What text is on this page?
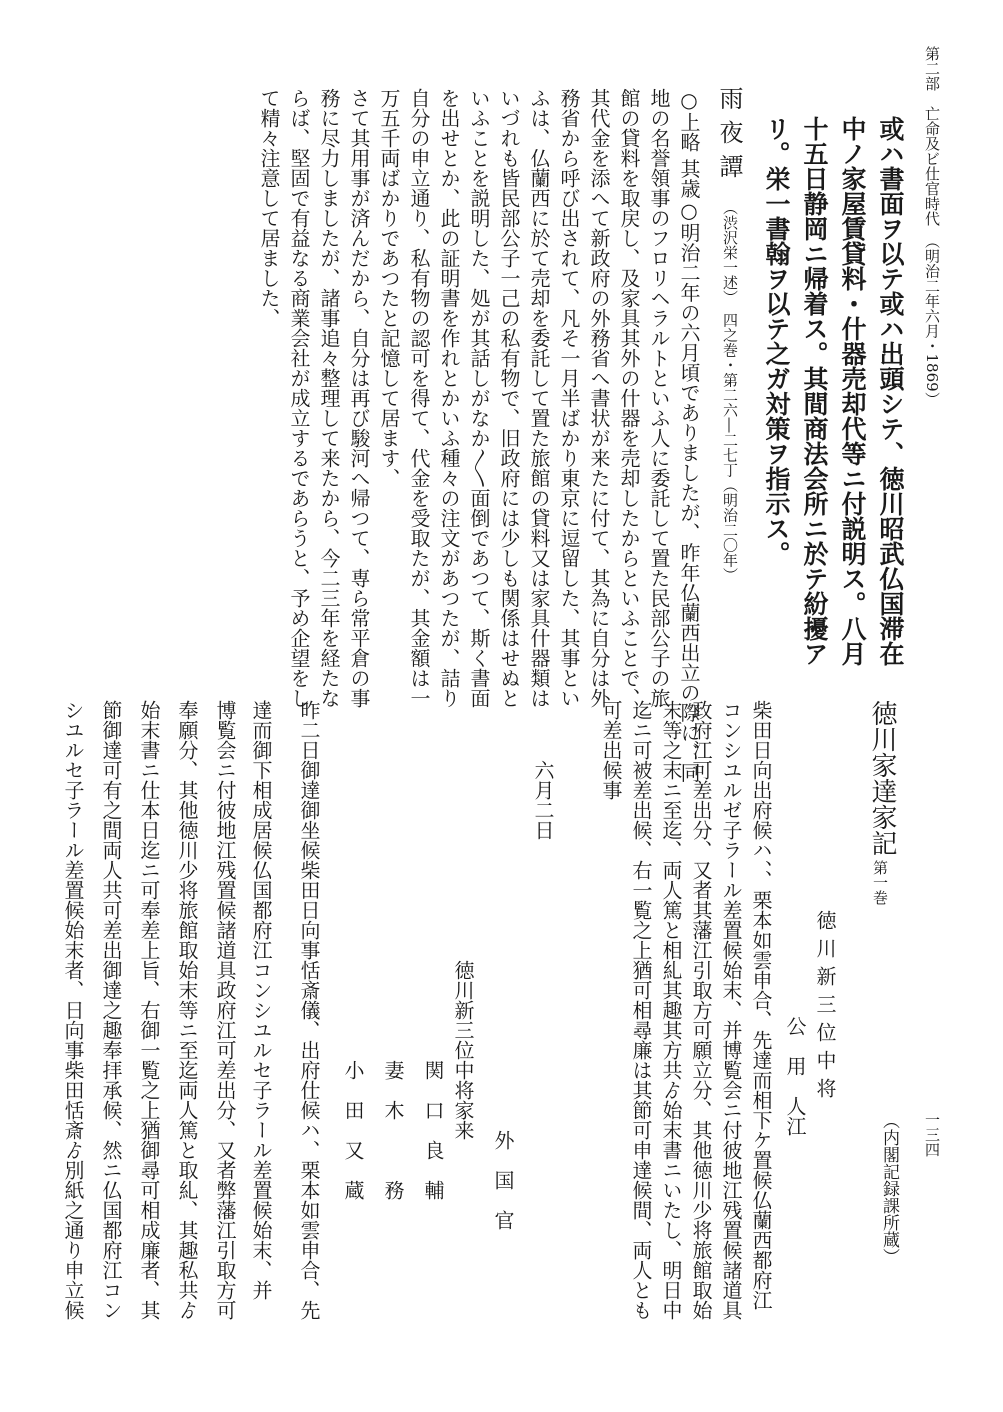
第二部　亡命及ビ仕官時代　（明治二年六月・1869）
一三四
或ハ書面ヲ以テ或ハ出頭シテ、徳川昭武仏国滞在
中ノ家屋賃貸料・什器売却代等ニ付説明ス。八月
十五日静岡ニ帰着ス。其間商法会所ニ於テ紛擾ア
リ。栄一書翰ヲ以テ之ガ対策ヲ指示ス。
雨夜譚
（渋沢栄一述）　四之巻・第二六―二七丁（明治二〇年）
○上略 其歳○明治二年の六月頃でありましたが、昨年仏蘭西出立の際に、同
地の名誉領事のフロリヘラルトといふ人に委託して置た民部公子の旅
館の貸料を取戻し、及家具其外の什器を売却したからといふことで、
其代金を添へて新政府の外務省へ書状が来たに付て、其為に自分は外
務省から呼び出されて、凡そ一月半ばかり東京に逗留した、其事とい
ふは、仏蘭西に於て売却を委託して置た旅館の貸料又は家具什器類は
いづれも皆民部公子一己の私有物で、旧政府には少しも関係はせぬと
いふことを説明した、処が其話しがなか〳〵面倒であつて、斯く書面
を出せとか、此の証明書を作れとかいふ種々の注文があつたが、詰り
自分の申立通り、私有物の認可を得て、代金を受取たが、其金額は一
万五千両ばかりであつたと記憶して居ます、
さて其用事が済んだから、自分は再び駿河へ帰つて、専ら常平倉の事
務に尽力しましたが、諸事追々整理して来たから、今二三年を経たな
らば、堅固で有益なる商業会社が成立するであらうと、予め企望をし
て精々注意して居ました、
徳川家達家記
第一巻
（内閣記録課所蔵）
徳川新三位中将
公　用　人江
柴田日向出府候ハ、、栗本如雲申合、先達而相下ケ置候仏蘭西都府江
コンシユルゼ子ラール差置候始末、并博覧会ニ付彼地江残置候諸道具
政府江可差出分、又者其藩江引取方可願立分、其他徳川少将旅館取始
末等之末ニ至迄、両人篤と相糺其趣其方共ゟ始末書ニいたし、明日中
迄ニ可被差出候、右一覧之上猶可相尋廉は其節可申達候間、両人とも
可差出候事
六月二日
外　国　官
徳川新三位中将家来
関　口　良　輔
妻　木　　　務
小　田　又　蔵
昨二日御達御坐候柴田日向事恬斎儀、出府仕候ハ、栗本如雲申合、先
達而御下相成居候仏国都府江コンシユルセ子ラール差置候始末、并
博覧会ニ付彼地江残置候諸道具政府江可差出分、又者弊藩江引取方可
奉願分、其他徳川少将旅館取始末等ニ至迄両人篤と取糺、其趣私共ゟ
始末書ニ仕本日迄ニ可奉差上旨、右御一覧之上猶御尋可相成廉者、其
節御達可有之間両人共可差出御達之趣奉拝承候、然ニ仏国都府江コン
シユルセ子ラール差置候始末者、日向事柴田恬斎ゟ別紙之通り申立候
